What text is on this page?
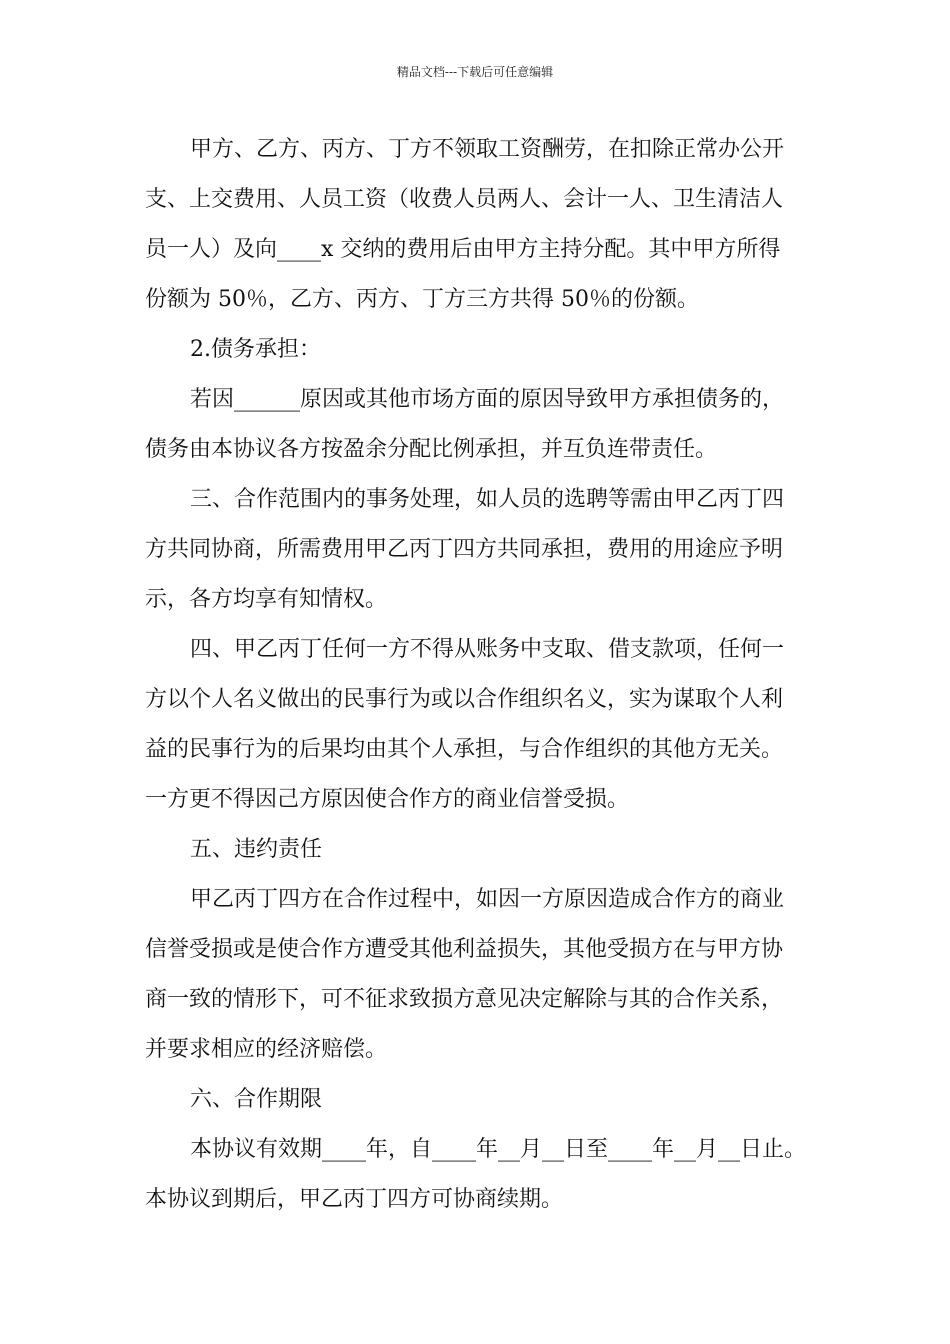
精品文档---下载后可任意编辑
甲方、乙方、丙方、丁方不领取工资酬劳，在扣除正常办公开
支、上交费用、人员工资（收费人员两人、会计一人、卫生清洁人
员一人）及向____x 交纳的费用后由甲方主持分配。其中甲方所得
份额为 50％，乙方、丙方、丁方三方共得 50％的份额。
2.债务承担：
若因______原因或其他市场方面的原因导致甲方承担债务的，
债务由本协议各方按盈余分配比例承担，并互负连带责任。
三、合作范围内的事务处理，如人员的选聘等需由甲乙丙丁四
方共同协商，所需费用甲乙丙丁四方共同承担，费用的用途应予明
示，各方均享有知情权。
四、甲乙丙丁任何一方不得从账务中支取、借支款项，任何一
方以个人名义做出的民事行为或以合作组织名义，实为谋取个人利
益的民事行为的后果均由其个人承担，与合作组织的其他方无关。
一方更不得因己方原因使合作方的商业信誉受损。
五、违约责任
甲乙丙丁四方在合作过程中，如因一方原因造成合作方的商业
信誉受损或是使合作方遭受其他利益损失，其他受损方在与甲方协
商一致的情形下，可不征求致损方意见决定解除与其的合作关系，
并要求相应的经济赔偿。
六、合作期限
本协议有效期____年，自____年__月__日至____年__月__日止。
本协议到期后，甲乙丙丁四方可协商续期。
